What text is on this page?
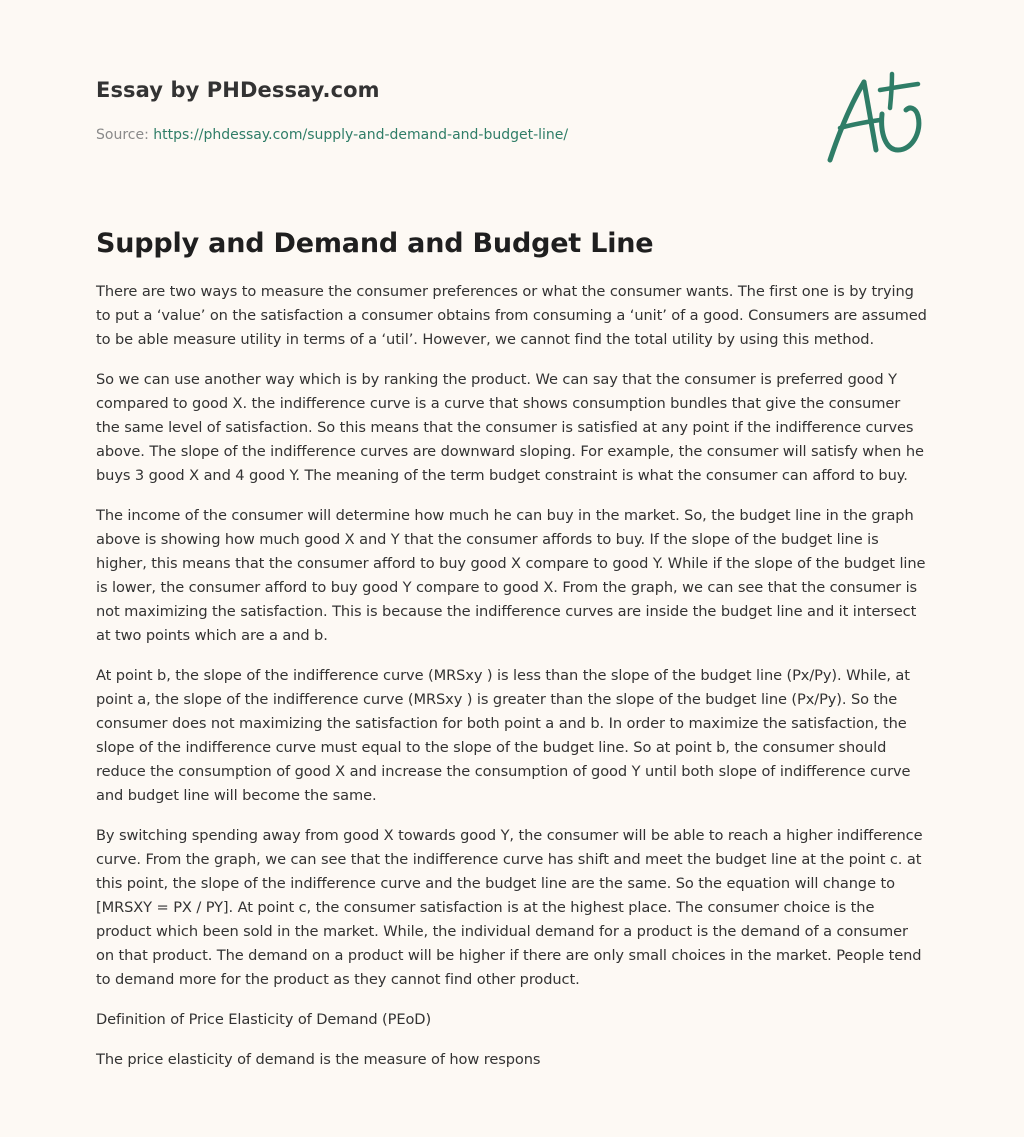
Essay by PHDessay.com

Source: https://phdessay.com/supply-and-demand-and-budget-line/
Supply and Demand and Budget Line

There are two ways to measure the consumer preferences or what the consumer wants. The first one is by trying to put a ‘value’ on the satisfaction a consumer obtains from consuming a ‘unit’ of a good. Consumers are assumed to be able measure utility in terms of a ‘util’. However, we cannot find the total utility by using this method.

So we can use another way which is by ranking the product. We can say that the consumer is preferred good Y compared to good X. the indifference curve is a curve that shows consumption bundles that give the consumer the same level of satisfaction. So this means that the consumer is satisfied at any point if the indifference curves above. The slope of the indifference curves are downward sloping. For example, the consumer will satisfy when he buys 3 good X and 4 good Y. The meaning of the term budget constraint is what the consumer can afford to buy.

The income of the consumer will determine how much he can buy in the market. So, the budget line in the graph above is showing how much good X and Y that the consumer affords to buy. If the slope of the budget line is higher, this means that the consumer afford to buy good X compare to good Y. While if the slope of the budget line is lower, the consumer afford to buy good Y compare to good X. From the graph, we can see that the consumer is not maximizing the satisfaction. This is because the indifference curves are inside the budget line and it intersect at two points which are a and b.

At point b, the slope of the indifference curve (MRSxy ) is less than the slope of the budget line (Px/Py). While, at point a, the slope of the indifference curve (MRSxy ) is greater than the slope of the budget line (Px/Py). So the consumer does not maximizing the satisfaction for both point a and b. In order to maximize the satisfaction, the slope of the indifference curve must equal to the slope of the budget line. So at point b, the consumer should reduce the consumption of good X and increase the consumption of good Y until both slope of indifference curve and budget line will become the same.

By switching spending away from good X towards good Y, the consumer will be able to reach a higher indifference curve. From the graph, we can see that the indifference curve has shift and meet the budget line at the point c. at this point, the slope of the indifference curve and the budget line are the same. So the equation will change to [MRSXY = PX / PY]. At point c, the consumer satisfaction is at the highest place. The consumer choice is the product which been sold in the market. While, the individual demand for a product is the demand of a consumer on that product. The demand on a product will be higher if there are only small choices in the market. People tend to demand more for the product as they cannot find other product.

Definition of Price Elasticity of Demand (PEoD)

The price elasticity of demand is the measure of how respons
